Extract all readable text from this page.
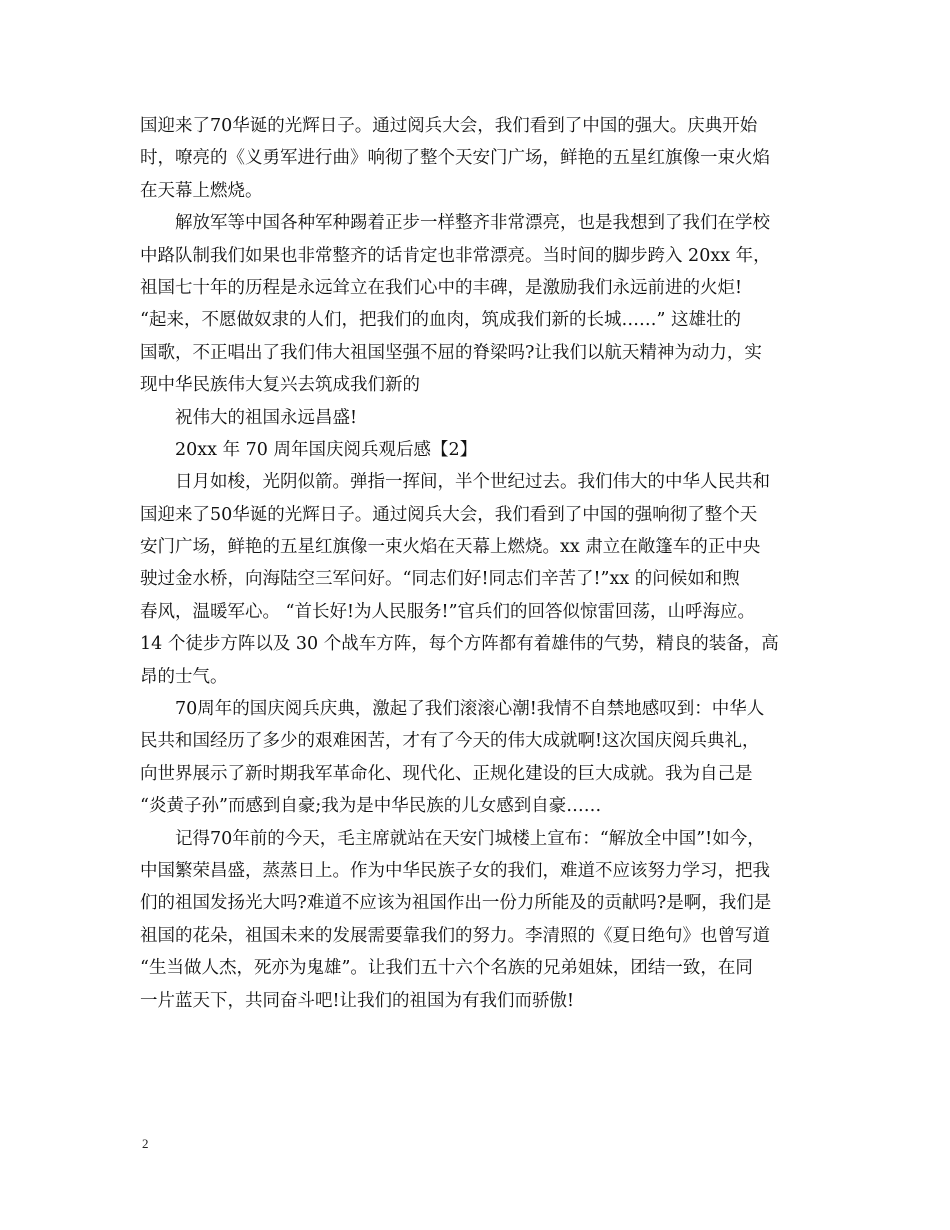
国迎来了70华诞的光辉日子。通过阅兵大会，我们看到了中国的强大。庆典开始
时，嘹亮的《义勇军进行曲》响彻了整个天安门广场，鲜艳的五星红旗像一束火焰
在天幕上燃烧。
解放军等中国各种军种踢着正步一样整齐非常漂亮，也是我想到了我们在学校
中路队制我们如果也非常整齐的话肯定也非常漂亮。当时间的脚步跨入 20xx 年，
祖国七十年的历程是永远耸立在我们心中的丰碑，是激励我们永远前进的火炬!
“起来，不愿做奴隶的人们，把我们的血肉，筑成我们新的长城……” 这雄壮的
国歌，不正唱出了我们伟大祖国坚强不屈的脊梁吗?让我们以航天精神为动力，实
现中华民族伟大复兴去筑成我们新的
祝伟大的祖国永远昌盛!
20xx 年 70 周年国庆阅兵观后感【2】
日月如梭，光阴似箭。弹指一挥间，半个世纪过去。我们伟大的中华人民共和
国迎来了50华诞的光辉日子。通过阅兵大会，我们看到了中国的强响彻了整个天
安门广场，鲜艳的五星红旗像一束火焰在天幕上燃烧。xx 肃立在敞篷车的正中央
驶过金水桥，向海陆空三军问好。“同志们好!同志们辛苦了!”xx 的问候如和煦
春风，温暖军心。 “首长好!为人民服务!”官兵们的回答似惊雷回荡，山呼海应。
14 个徒步方阵以及 30 个战车方阵，每个方阵都有着雄伟的气势，精良的装备，高
昂的士气。
70周年的国庆阅兵庆典，激起了我们滚滚心潮!我情不自禁地感叹到：中华人
民共和国经历了多少的艰难困苦，才有了今天的伟大成就啊!这次国庆阅兵典礼，
向世界展示了新时期我军革命化、现代化、正规化建设的巨大成就。我为自己是
“炎黄子孙”而感到自豪;我为是中华民族的儿女感到自豪……
记得70年前的今天，毛主席就站在天安门城楼上宣布：“解放全中国”!如今，
中国繁荣昌盛，蒸蒸日上。作为中华民族子女的我们，难道不应该努力学习，把我
们的祖国发扬光大吗?难道不应该为祖国作出一份力所能及的贡献吗?是啊，我们是
祖国的花朵，祖国未来的发展需要靠我们的努力。李清照的《夏日绝句》也曾写道
“生当做人杰，死亦为鬼雄”。让我们五十六个名族的兄弟姐妹，团结一致，在同
一片蓝天下，共同奋斗吧!让我们的祖国为有我们而骄傲!
2
